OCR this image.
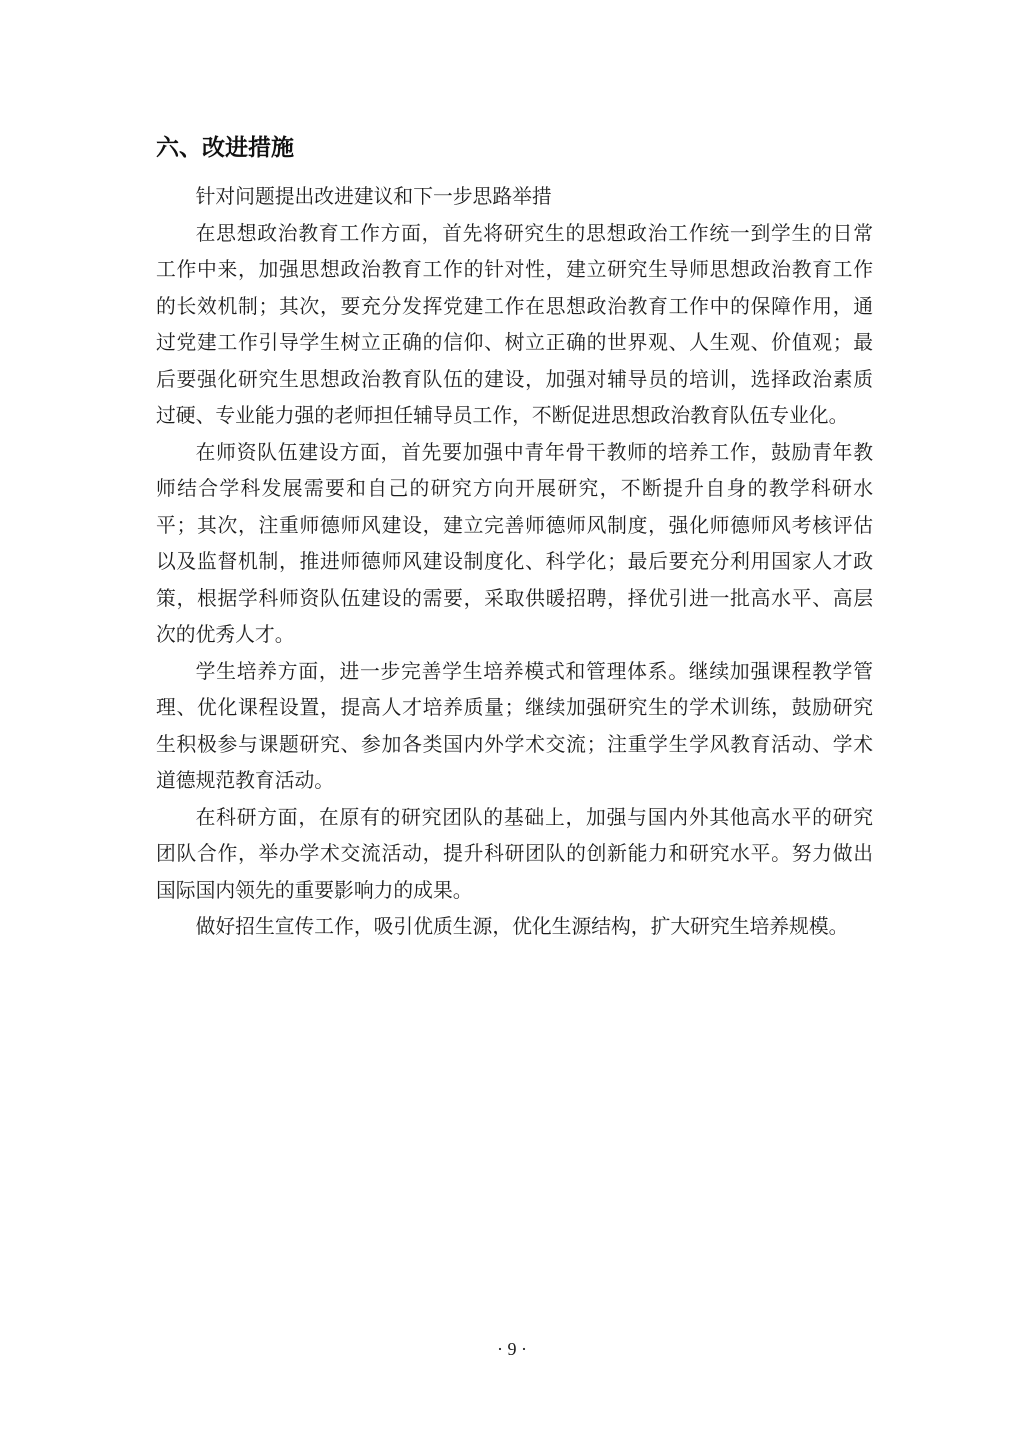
六、改进措施
针对问题提出改进建议和下一步思路举措
在思想政治教育工作方面，首先将研究生的思想政治工作统一到学生的日常
工作中来，加强思想政治教育工作的针对性，建立研究生导师思想政治教育工作
的长效机制；其次，要充分发挥党建工作在思想政治教育工作中的保障作用，通
过党建工作引导学生树立正确的信仰、树立正确的世界观、人生观、价值观；最
后要强化研究生思想政治教育队伍的建设，加强对辅导员的培训，选择政治素质
过硬、专业能力强的老师担任辅导员工作，不断促进思想政治教育队伍专业化。
在师资队伍建设方面，首先要加强中青年骨干教师的培养工作，鼓励青年教
师结合学科发展需要和自己的研究方向开展研究，不断提升自身的教学科研水
平；其次，注重师德师风建设，建立完善师德师风制度，强化师德师风考核评估
以及监督机制，推进师德师风建设制度化、科学化；最后要充分利用国家人才政
策，根据学科师资队伍建设的需要，采取供暖招聘，择优引进一批高水平、高层
次的优秀人才。
学生培养方面，进一步完善学生培养模式和管理体系。继续加强课程教学管
理、优化课程设置，提高人才培养质量；继续加强研究生的学术训练，鼓励研究
生积极参与课题研究、参加各类国内外学术交流；注重学生学风教育活动、学术
道德规范教育活动。
在科研方面，在原有的研究团队的基础上，加强与国内外其他高水平的研究
团队合作，举办学术交流活动，提升科研团队的创新能力和研究水平。努力做出
国际国内领先的重要影响力的成果。
做好招生宣传工作，吸引优质生源，优化生源结构，扩大研究生培养规模。
· 9 ·
